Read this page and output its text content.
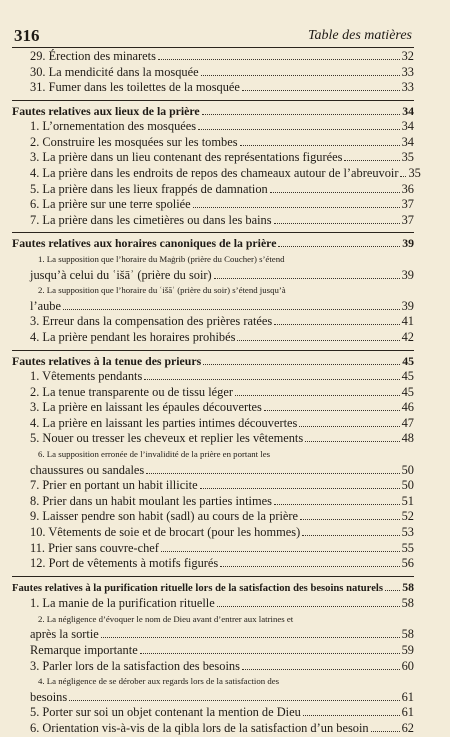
316	Table des matières
29. Érection des minarets	32
30. La mendicité dans la mosquée	33
31. Fumer dans les toilettes de la mosquée	33
Fautes relatives aux lieux de la prière	34
1. L’ornementation des mosquées	34
2. Construire les mosquées sur les tombes	34
3. La prière dans un lieu contenant des représentations figurées	35
4. La prière dans les endroits de repos des chameaux autour de l’abreuvoir 35
5. La prière dans les lieux frappés de damnation	36
6. La prière sur une terre spoliée	37
7. La prière dans les cimetières ou dans les bains	37
Fautes relatives aux horaires canoniques de la prière	39
1. La supposition que l’horaire du Maġrib (prière du Coucher) s’étend
jusqu’à celui du ʿišāʾ (prière du soir)	39
2. La supposition que l’horaire du ʿišāʾ (prière du soir) s’étend jusqu’à
l’aube	39
3. Erreur dans la compensation des prières ratées	41
4. La prière pendant les horaires prohibés	42
Fautes relatives à la tenue des prieurs	45
1. Vêtements pendants	45
2. La tenue transparente ou de tissu léger	45
3. La prière en laissant les épaules découvertes	46
4. La prière en laissant les parties intimes découvertes	47
5. Nouer ou tresser les cheveux et replier les vêtements	48
6. La supposition erronée de l’invalidité de la prière en portant les
chaussures ou sandales	50
7. Prier en portant un habit illicite	50
8. Prier dans un habit moulant les parties intimes	51
9. Laisser pendre son habit (sadl) au cours de la prière	52
10. Vêtements de soie et de brocart (pour les hommes)	53
11. Prier sans couvre-chef	55
12. Port de vêtements à motifs figurés	56
Fautes relatives à la purification rituelle lors de la satisfaction des besoins naturels 58
1. La manie de la purification rituelle	58
2. La négligence d’évoquer le nom de Dieu avant d’entrer aux latrines et
après la sortie	58
Remarque importante	59
3. Parler lors de la satisfaction des besoins	60
4. La négligence de se dérober aux regards lors de la satisfaction des
besoins	61
5. Porter sur soi un objet contenant la mention de Dieu	61
6. Orientation vis-à-vis de la qibla lors de la satisfaction d’un besoin	62
